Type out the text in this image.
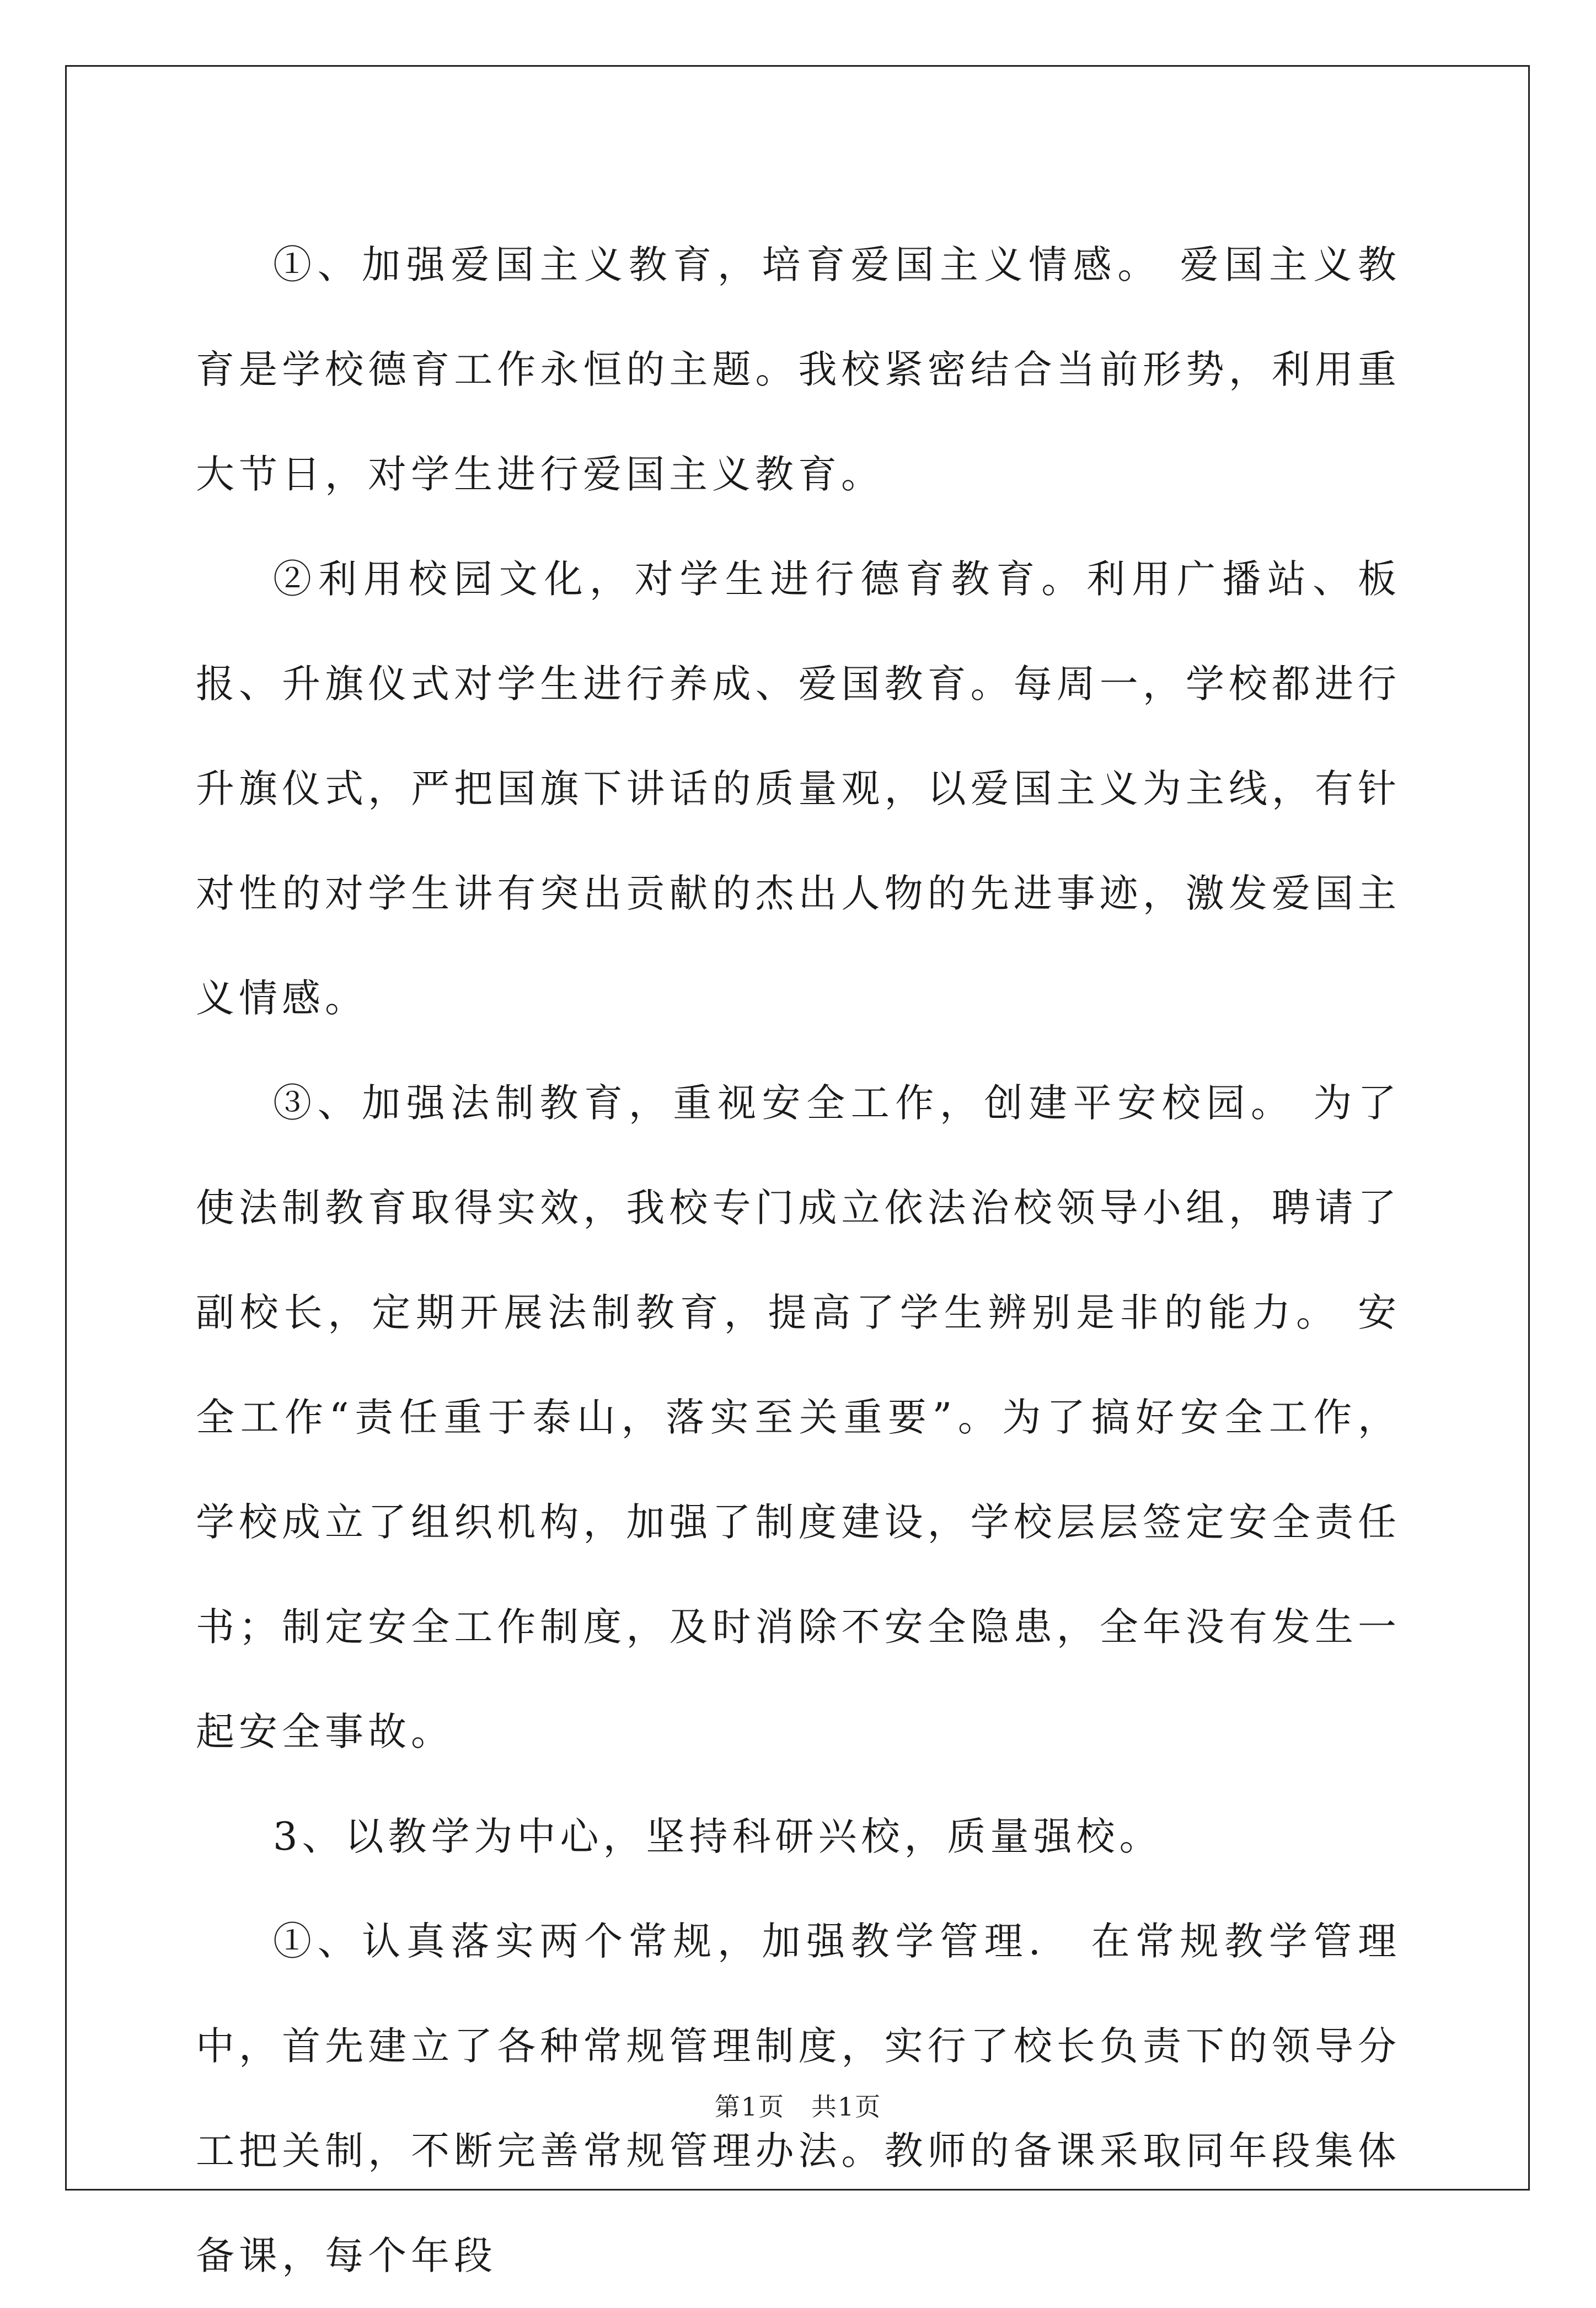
①、加强爱国主义教育，培育爱国主义情感。 爱国主义教育是学校德育工作永恒的主题。我校紧密结合当前形势，利用重大节日，对学生进行爱国主义教育。

②利用校园文化，对学生进行德育教育。利用广播站、板报、升旗仪式对学生进行养成、爱国教育。每周一，学校都进行升旗仪式，严把国旗下讲话的质量观，以爱国主义为主线，有针对性的对学生讲有突出贡献的杰出人物的先进事迹，激发爱国主义情感。

③、加强法制教育，重视安全工作，创建平安校园。 为了使法制教育取得实效，我校专门成立依法治校领导小组，聘请了副校长，定期开展法制教育，提高了学生辨别是非的能力。 安全工作“责任重于泰山，落实至关重要”。为了搞好安全工作，学校成立了组织机构，加强了制度建设，学校层层签定安全责任书；制定安全工作制度，及时消除不安全隐患，全年没有发生一起安全事故。

3、以教学为中心，坚持科研兴校，质量强校。

①、认真落实两个常规，加强教学管理． 在常规教学管理中，首先建立了各种常规管理制度，实行了校长负责下的领导分工把关制，不断完善常规管理办法。教师的备课采取同年段集体备课，每个年段

第1页　共1页
